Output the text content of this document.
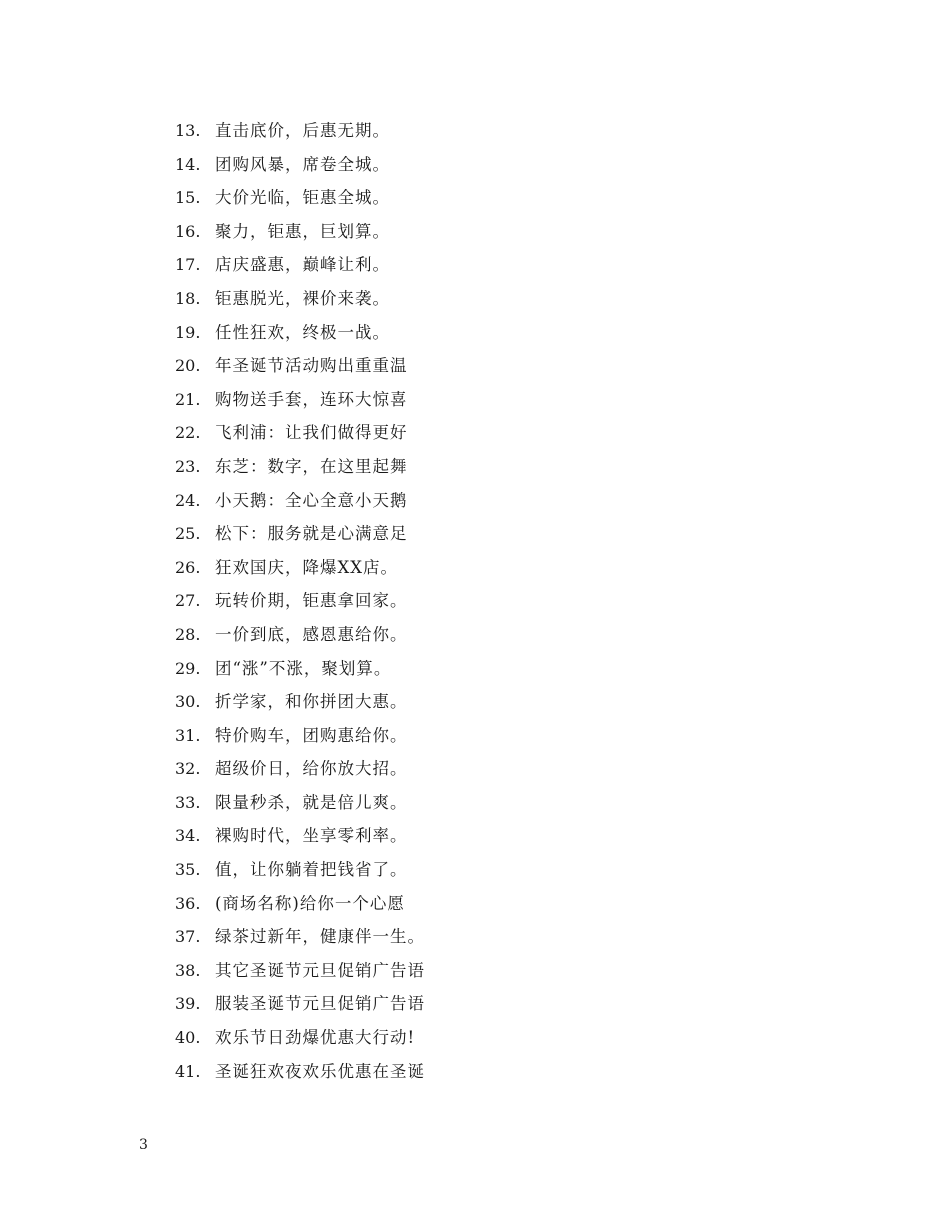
13. 直击底价，后惠无期。
14. 团购风暴，席卷全城。
15. 大价光临，钜惠全城。
16. 聚力，钜惠，巨划算。
17. 店庆盛惠，巅峰让利。
18. 钜惠脱光，裸价来袭。
19. 任性狂欢，终极一战。
20. 年圣诞节活动购出重重温
21. 购物送手套，连环大惊喜
22. 飞利浦：让我们做得更好
23. 东芝：数字，在这里起舞
24. 小天鹅：全心全意小天鹅
25. 松下：服务就是心满意足
26. 狂欢国庆，降爆XX店。
27. 玩转价期，钜惠拿回家。
28. 一价到底，感恩惠给你。
29. 团“涨”不涨，聚划算。
30. 折学家，和你拼团大惠。
31. 特价购车，团购惠给你。
32. 超级价日，给你放大招。
33. 限量秒杀，就是倍儿爽。
34. 裸购时代，坐享零利率。
35. 值，让你躺着把钱省了。
36. (商场名称)给你一个心愿
37. 绿茶过新年，健康伴一生。
38. 其它圣诞节元旦促销广告语
39. 服装圣诞节元旦促销广告语
40. 欢乐节日劲爆优惠大行动!
41. 圣诞狂欢夜欢乐优惠在圣诞
3
